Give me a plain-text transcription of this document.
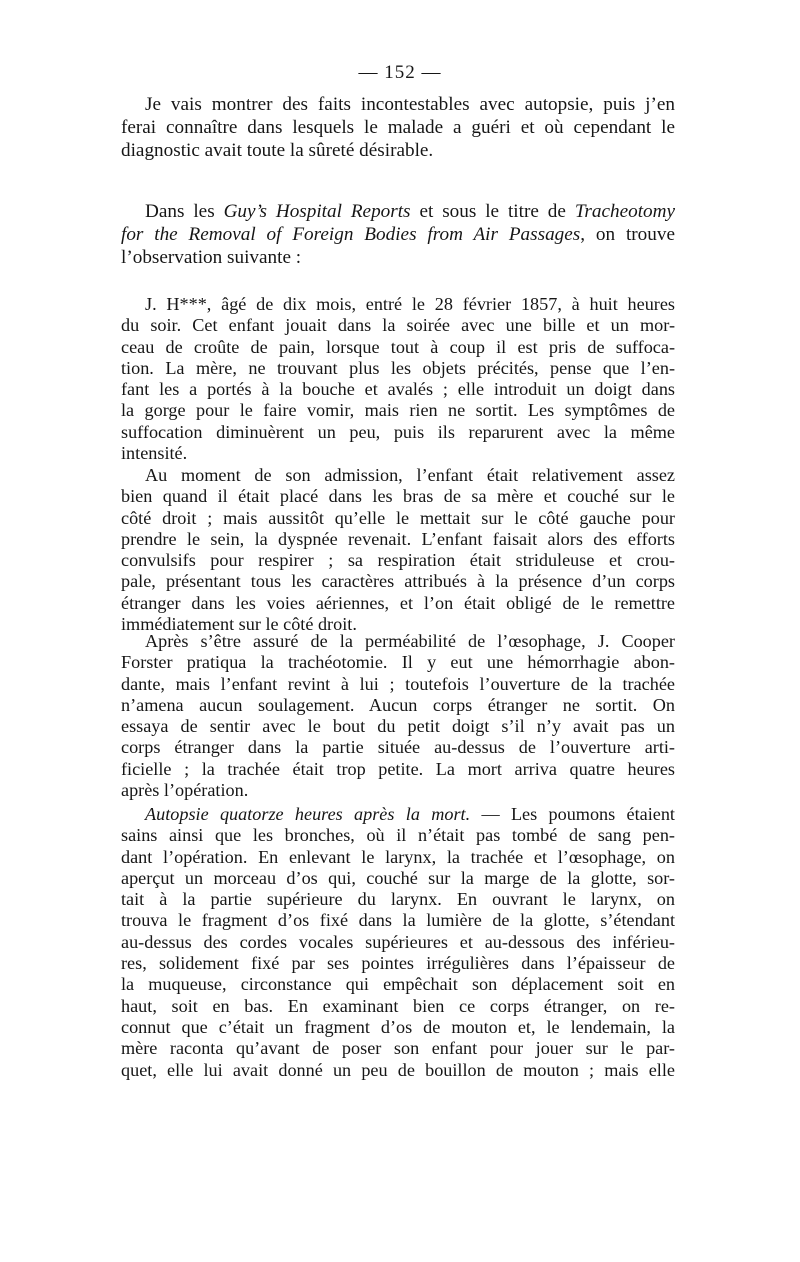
— 152 —

Je vais montrer des faits incontestables avec autopsie, puis j’en
ferai connaître dans lesquels le malade a guéri et où cependant le
diagnostic avait toute la sûreté désirable.

Dans les Guy’s Hospital Reports et sous le titre de Tracheotomy
for the Removal of Foreign Bodies from Air Passages, on trouve
l’observation suivante :

J. H***, âgé de dix mois, entré le 28 février 1857, à huit heures
du soir. Cet enfant jouait dans la soirée avec une bille et un mor-
ceau de croûte de pain, lorsque tout à coup il est pris de suffoca-
tion. La mère, ne trouvant plus les objets précités, pense que l’en-
fant les a portés à la bouche et avalés ; elle introduit un doigt dans
la gorge pour le faire vomir, mais rien ne sortit. Les symptômes de
suffocation diminuèrent un peu, puis ils reparurent avec la même
intensité.

Au moment de son admission, l’enfant était relativement assez
bien quand il était placé dans les bras de sa mère et couché sur le
côté droit ; mais aussitôt qu’elle le mettait sur le côté gauche pour
prendre le sein, la dyspnée revenait. L’enfant faisait alors des efforts
convulsifs pour respirer ; sa respiration était striduleuse et crou-
pale, présentant tous les caractères attribués à la présence d’un corps
étranger dans les voies aériennes, et l’on était obligé de le remettre
immédiatement sur le côté droit.

Après s’être assuré de la perméabilité de l’œsophage, J. Cooper
Forster pratiqua la trachéotomie. Il y eut une hémorrhagie abon-
dante, mais l’enfant revint à lui ; toutefois l’ouverture de la trachée
n’amena aucun soulagement. Aucun corps étranger ne sortit. On
essaya de sentir avec le bout du petit doigt s’il n’y avait pas un
corps étranger dans la partie située au-dessus de l’ouverture arti-
ficielle ; la trachée était trop petite. La mort arriva quatre heures
après l’opération.

Autopsie quatorze heures après la mort. — Les poumons étaient
sains ainsi que les bronches, où il n’était pas tombé de sang pen-
dant l’opération. En enlevant le larynx, la trachée et l’œsophage, on
aperçut un morceau d’os qui, couché sur la marge de la glotte, sor-
tait à la partie supérieure du larynx. En ouvrant le larynx, on
trouva le fragment d’os fixé dans la lumière de la glotte, s’étendant
au-dessus des cordes vocales supérieures et au-dessous des inférieu-
res, solidement fixé par ses pointes irrégulières dans l’épaisseur de
la muqueuse, circonstance qui empêchait son déplacement soit en
haut, soit en bas. En examinant bien ce corps étranger, on re-
connut que c’était un fragment d’os de mouton et, le lendemain, la
mère raconta qu’avant de poser son enfant pour jouer sur le par-
quet, elle lui avait donné un peu de bouillon de mouton ; mais elle
